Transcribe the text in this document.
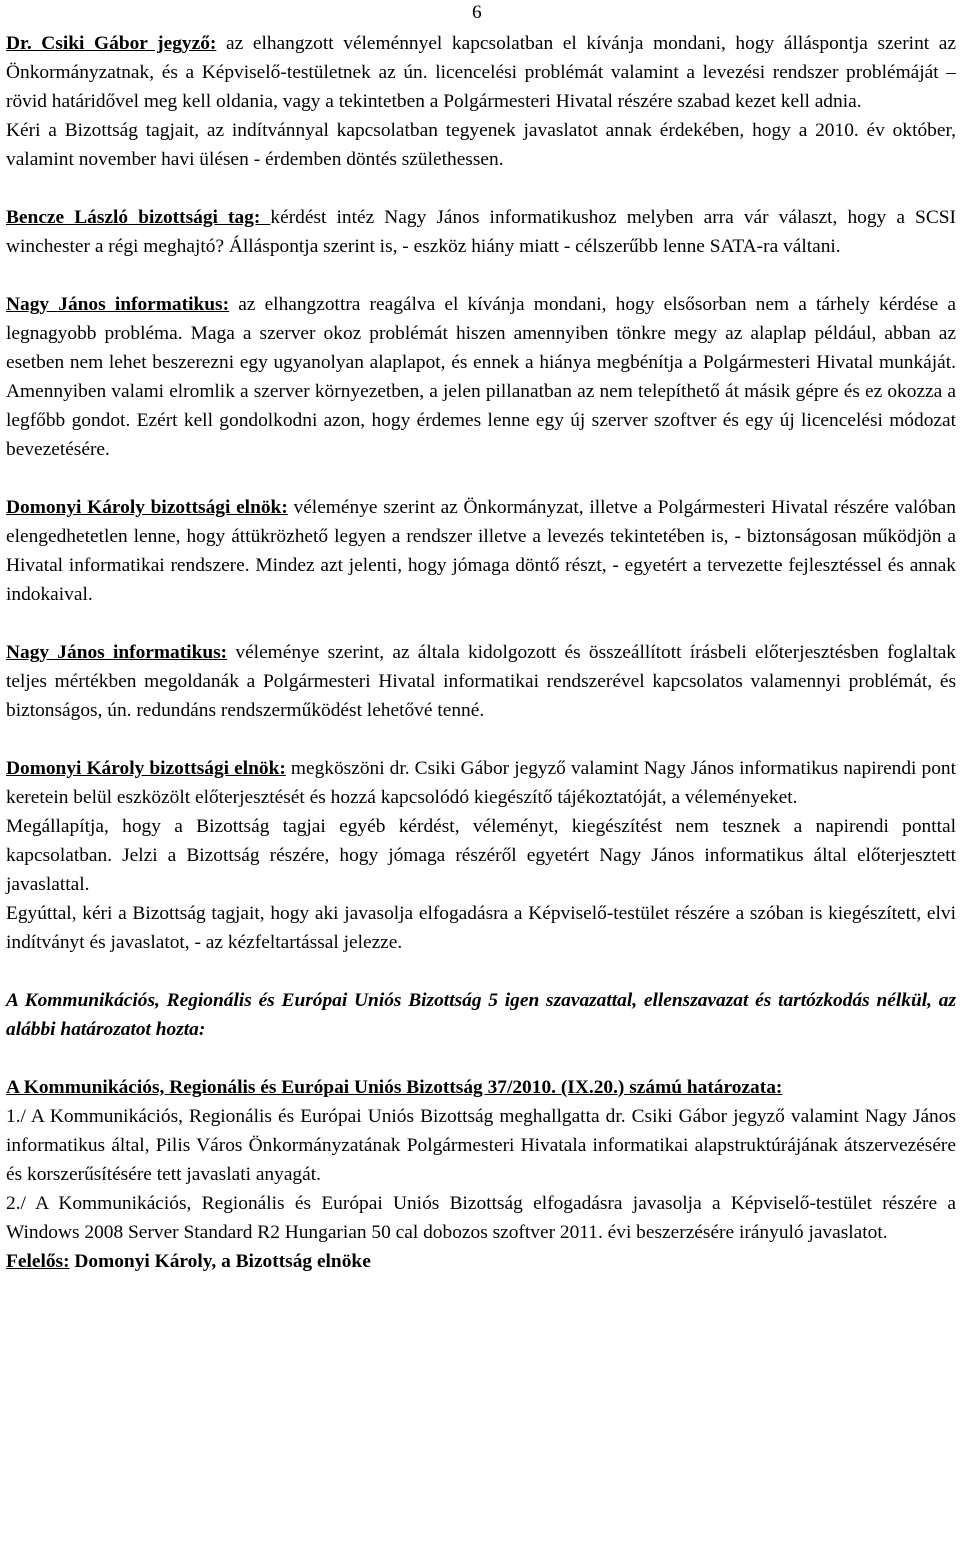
6

Dr. Csiki Gábor jegyző: az elhangzott véleménnyel kapcsolatban el kívánja mondani, hogy álláspontja szerint az Önkormányzatnak, és a Képviselő-testületnek az ún. licencelési problémát valamint a levezési rendszer problémáját – rövid határidővel meg kell oldania, vagy a tekintetben a Polgármesteri Hivatal részére szabad kezet kell adnia.

Kéri a Bizottság tagjait, az indítvánnyal kapcsolatban tegyenek javaslatot annak érdekében, hogy a 2010. év október, valamint november havi ülésen - érdemben döntés születhessen.

Bencze László bizottsági tag: kérdést intéz Nagy János informatikushoz melyben arra vár választ, hogy a SCSI winchester a régi meghajtó? Álláspontja szerint is, - eszköz hiány miatt - célszerűbb lenne SATA-ra váltani.

Nagy János informatikus: az elhangzottra reagálva el kívánja mondani, hogy elsősorban nem a tárhely kérdése a legnagyobb probléma. Maga a szerver okoz problémát hiszen amennyiben tönkre megy az alaplap például, abban az esetben nem lehet beszerezni egy ugyanolyan alaplapot, és ennek a hiánya megbénítja a Polgármesteri Hivatal munkáját. Amennyiben valami elromlik a szerver környezetben, a jelen pillanatban az nem telepíthető át másik gépre és ez okozza a legfőbb gondot. Ezért kell gondolkodni azon, hogy érdemes lenne egy új szerver szoftver és egy új licencelési módozat bevezetésére.

Domonyi Károly bizottsági elnök: véleménye szerint az Önkormányzat, illetve a Polgármesteri Hivatal részére valóban elengedhetetlen lenne, hogy áttükrözhető legyen a rendszer illetve a levezés tekintetében is, - biztonságosan működjön a Hivatal informatikai rendszere. Mindez azt jelenti, hogy jómaga döntő részt, - egyetért a tervezette fejlesztéssel és annak indokaival.

Nagy János informatikus: véleménye szerint, az általa kidolgozott és összeállított írásbeli előterjesztésben foglaltak teljes mértékben megoldanák a Polgármesteri Hivatal informatikai rendszerével kapcsolatos valamennyi problémát, és biztonságos, ún. redundáns rendszerműködést lehetővé tenné.

Domonyi Károly bizottsági elnök: megköszöni dr. Csiki Gábor jegyző valamint Nagy János informatikus napirendi pont keretein belül eszközölt előterjesztését és hozzá kapcsolódó kiegészítő tájékoztatóját, a véleményeket.

Megállapítja, hogy a Bizottság tagjai egyéb kérdést, véleményt, kiegészítést nem tesznek a napirendi ponttal kapcsolatban. Jelzi a Bizottság részére, hogy jómaga részéről egyetért Nagy János informatikus által előterjesztett javaslattal.

Egyúttal, kéri a Bizottság tagjait, hogy aki javasolja elfogadásra a Képviselő-testület részére a szóban is kiegészített, elvi indítványt és javaslatot, - az kézfeltartással jelezze.

A Kommunikációs, Regionális és Európai Uniós Bizottság 5 igen szavazattal, ellenszavazat és tartózkodás nélkül, az alábbi határozatot hozta:

A Kommunikációs, Regionális és Európai Uniós Bizottság 37/2010. (IX.20.) számú határozata:

1./ A Kommunikációs, Regionális és Európai Uniós Bizottság meghallgatta dr. Csiki Gábor jegyző valamint Nagy János informatikus által, Pilis Város Önkormányzatának Polgármesteri Hivatala informatikai alapstruktúrájának átszervezésére és korszerűsítésére tett javaslati anyagát.

2./ A Kommunikációs, Regionális és Európai Uniós Bizottság elfogadásra javasolja a Képviselő-testület részére a Windows 2008 Server Standard R2 Hungarian 50 cal dobozos szoftver 2011. évi beszerzésére irányuló javaslatot.

Felelős: Domonyi Károly, a Bizottság elnöke
